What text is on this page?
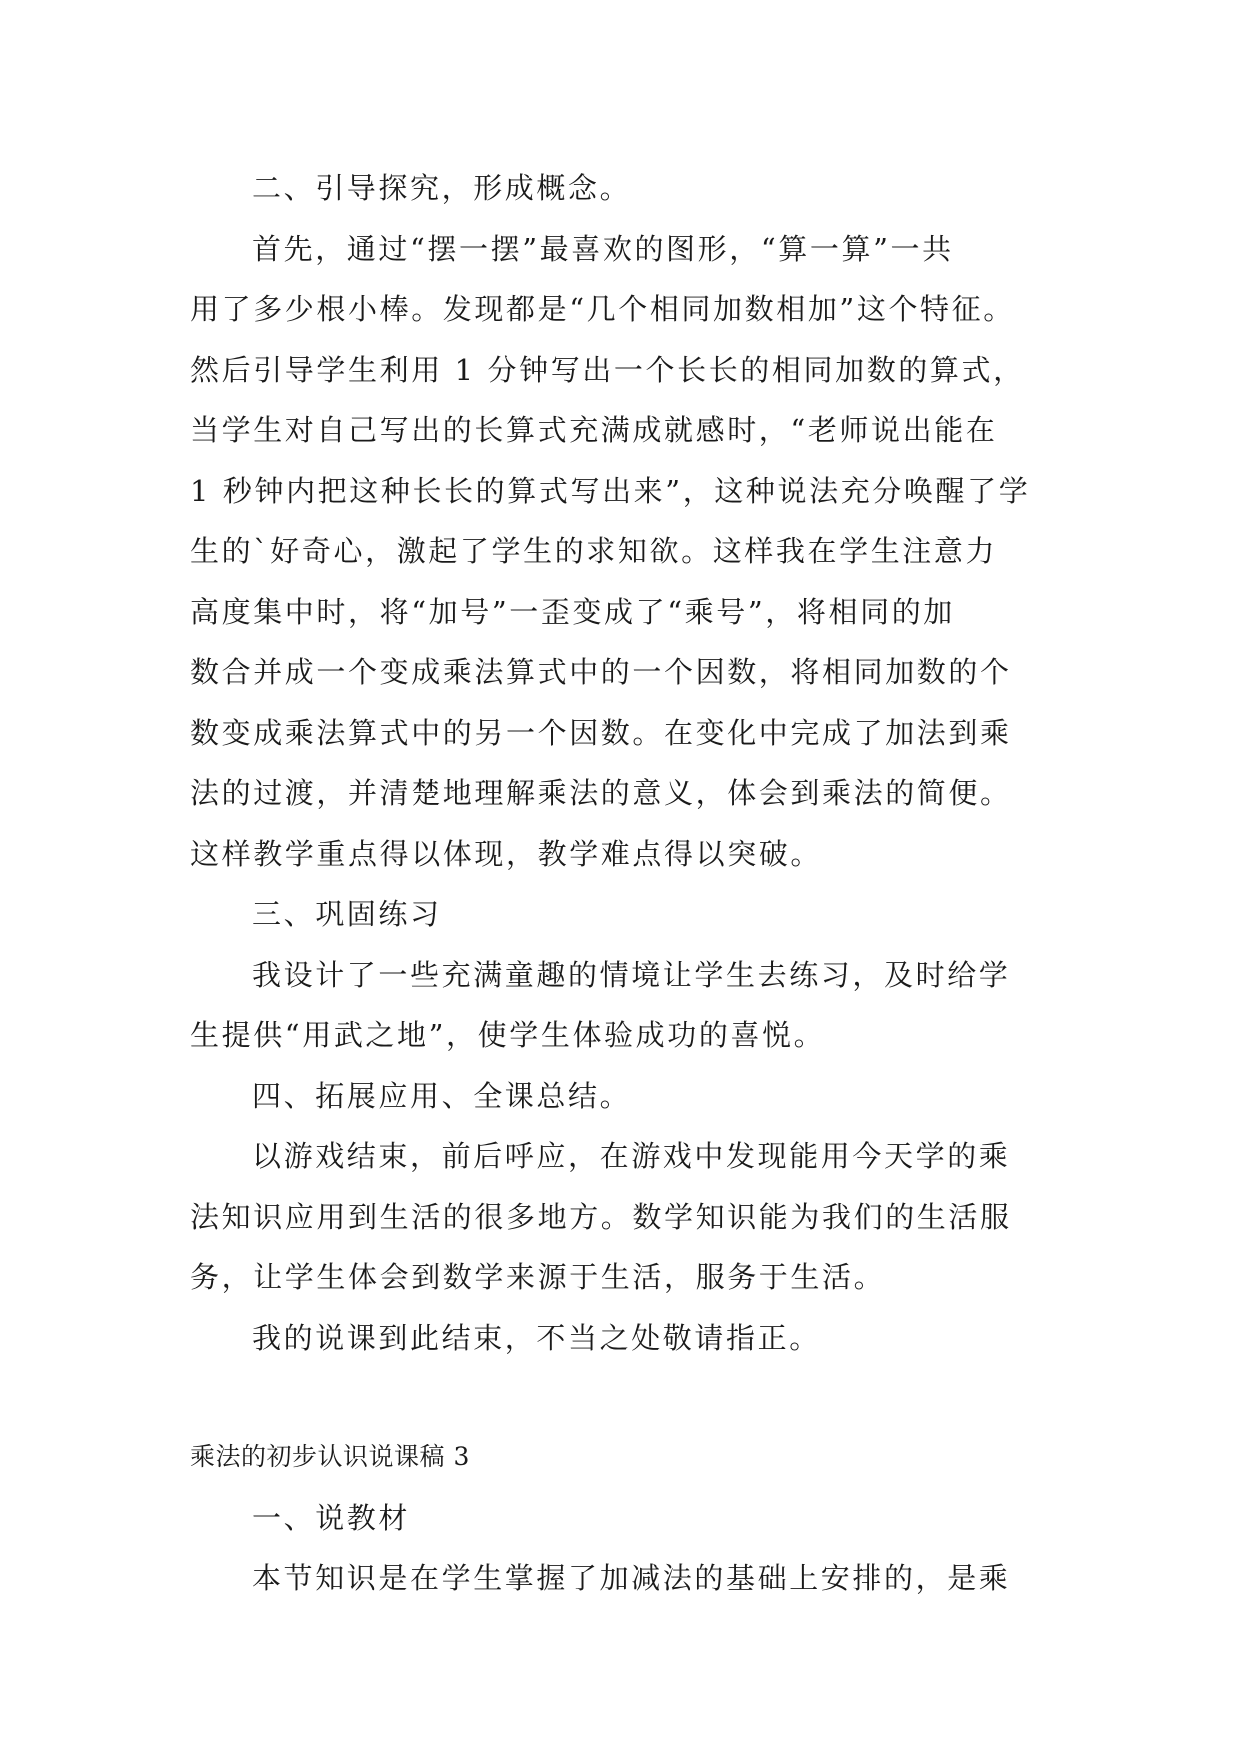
二、引导探究，形成概念。
首先，通过“摆一摆”最喜欢的图形，“算一算”一共
用了多少根小棒。发现都是“几个相同加数相加”这个特征。
然后引导学生利用 1 分钟写出一个长长的相同加数的算式，
当学生对自己写出的长算式充满成就感时，“老师说出能在
1 秒钟内把这种长长的算式写出来”，这种说法充分唤醒了学
生的`好奇心，激起了学生的求知欲。这样我在学生注意力
高度集中时，将“加号”一歪变成了“乘号”，将相同的加
数合并成一个变成乘法算式中的一个因数，将相同加数的个
数变成乘法算式中的另一个因数。在变化中完成了加法到乘
法的过渡，并清楚地理解乘法的意义，体会到乘法的简便。
这样教学重点得以体现，教学难点得以突破。
三、巩固练习
我设计了一些充满童趣的情境让学生去练习，及时给学
生提供“用武之地”，使学生体验成功的喜悦。
四、拓展应用、全课总结。
以游戏结束，前后呼应，在游戏中发现能用今天学的乘
法知识应用到生活的很多地方。数学知识能为我们的生活服
务，让学生体会到数学来源于生活，服务于生活。
我的说课到此结束，不当之处敬请指正。
乘法的初步认识说课稿 3
一、说教材
本节知识是在学生掌握了加减法的基础上安排的，是乘
